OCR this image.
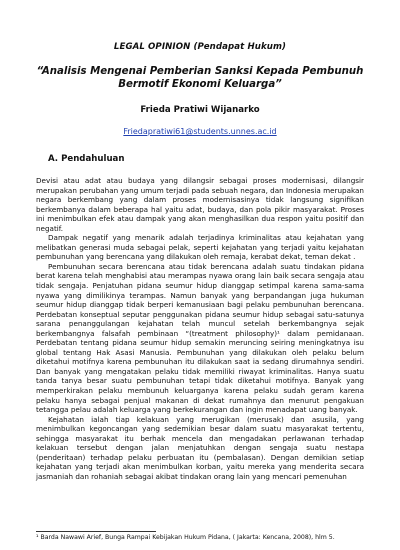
LEGAL OPINION (Pendapat Hukum)
“Analisis Mengenai Pemberian Sanksi Kepada Pembunuh
Bermotif Ekonomi Keluarga”
Frieda Pratiwi Wijanarko
Friedapratiwi61@students.unnes.ac.id
A. Pendahuluan

Devisi atau adat atau budaya yang dilangsir sebagai proses modernisasi, dilangsir merupakan perubahan yang umum terjadi pada sebuah negara, dan Indonesia merupakan negara berkembang yang dalam proses modernisasinya tidak langsung signifikan berkembanya dalam beberapa hal yaitu adat, budaya, dan pola pikir masyarakat. Proses ini menimbulkan efek atau dampak yang akan menghasilkan dua respon yaitu positif dan negatif.

Dampak negatif yang menarik adalah terjadinya kriminalitas atau kejahatan yang melibatkan generasi muda sebagai pelak, seperti kejahatan yang terjadi yaitu kejahatan pembunuhan yang berencana yang dilakukan oleh remaja, kerabat dekat, teman dekat .

Pembunuhan secara berencana atau tidak berencana adalah suatu tindakan pidana berat karena telah menghabisi atau merampas nyawa orang lain baik secara sengaja atau tidak sengaja. Penjatuhan pidana seumur hidup dianggap setimpal karena sama-sama nyawa yang dimilikinya terampas. Namun banyak yang berpandangan juga hukuman seumur hidup dianggap tidak berperi kemanusiaan bagi pelaku pembunuhan berencana. Perdebatan konseptual seputar penggunakan pidana seumur hidup sebagai satu-satunya sarana penanggulangan kejahatan telah muncul setelah berkembangnya sejak berkembangnya falsafah pembinaan “(treatment philosophy)¹ dalam pemidanaan. Perdebatan tentang pidana seumur hidup semakin meruncing seiring meningkatnya isu global tentang Hak Asasi Manusia. Pembunuhan yang dilakukan oleh pelaku belum diketahui motifnya karena pembunuhan itu dilakukan saat ia sedang dirumahnya sendiri. Dan banyak yang mengatakan pelaku tidak memiliki riwayat kriminalitas. Hanya suatu tanda tanya besar suatu pembunuhan tetapi tidak diketahui motifnya. Banyak yang memperkirakan pelaku membunuh keluarganya karena pelaku sudah geram karena pelaku hanya sebagai penjual makanan di dekat rumahnya dan menurut pengakuan tetangga pelau adalah keluarga yang berkekurangan dan ingin menadapat uang banyak.

Kejahatan ialah tiap kelakuan yang merugikan (merusak) dan asusila, yang menimbulkan kegoncangan yang sedemikian besar dalam suatu masyarakat tertentu, sehingga masyarakat itu berhak mencela dan mengadakan perlawanan terhadap kelakuan tersebut dengan jalan menjatuhkan dengan sengaja suatu nestapa (penderitaan) terhadap pelaku perbuatan itu (pembalasan). Dengan demikian setiap kejahatan yang terjadi akan menimbulkan korban, yaitu mereka yang menderita secara jasmaniah dan rohaniah sebagai akibat tindakan orang lain yang mencari pemenuhan

¹ Barda Nawawi Arief, Bunga Rampai Kebijakan Hukum Pidana, ( Jakarta: Kencana, 2008), hlm 5.
